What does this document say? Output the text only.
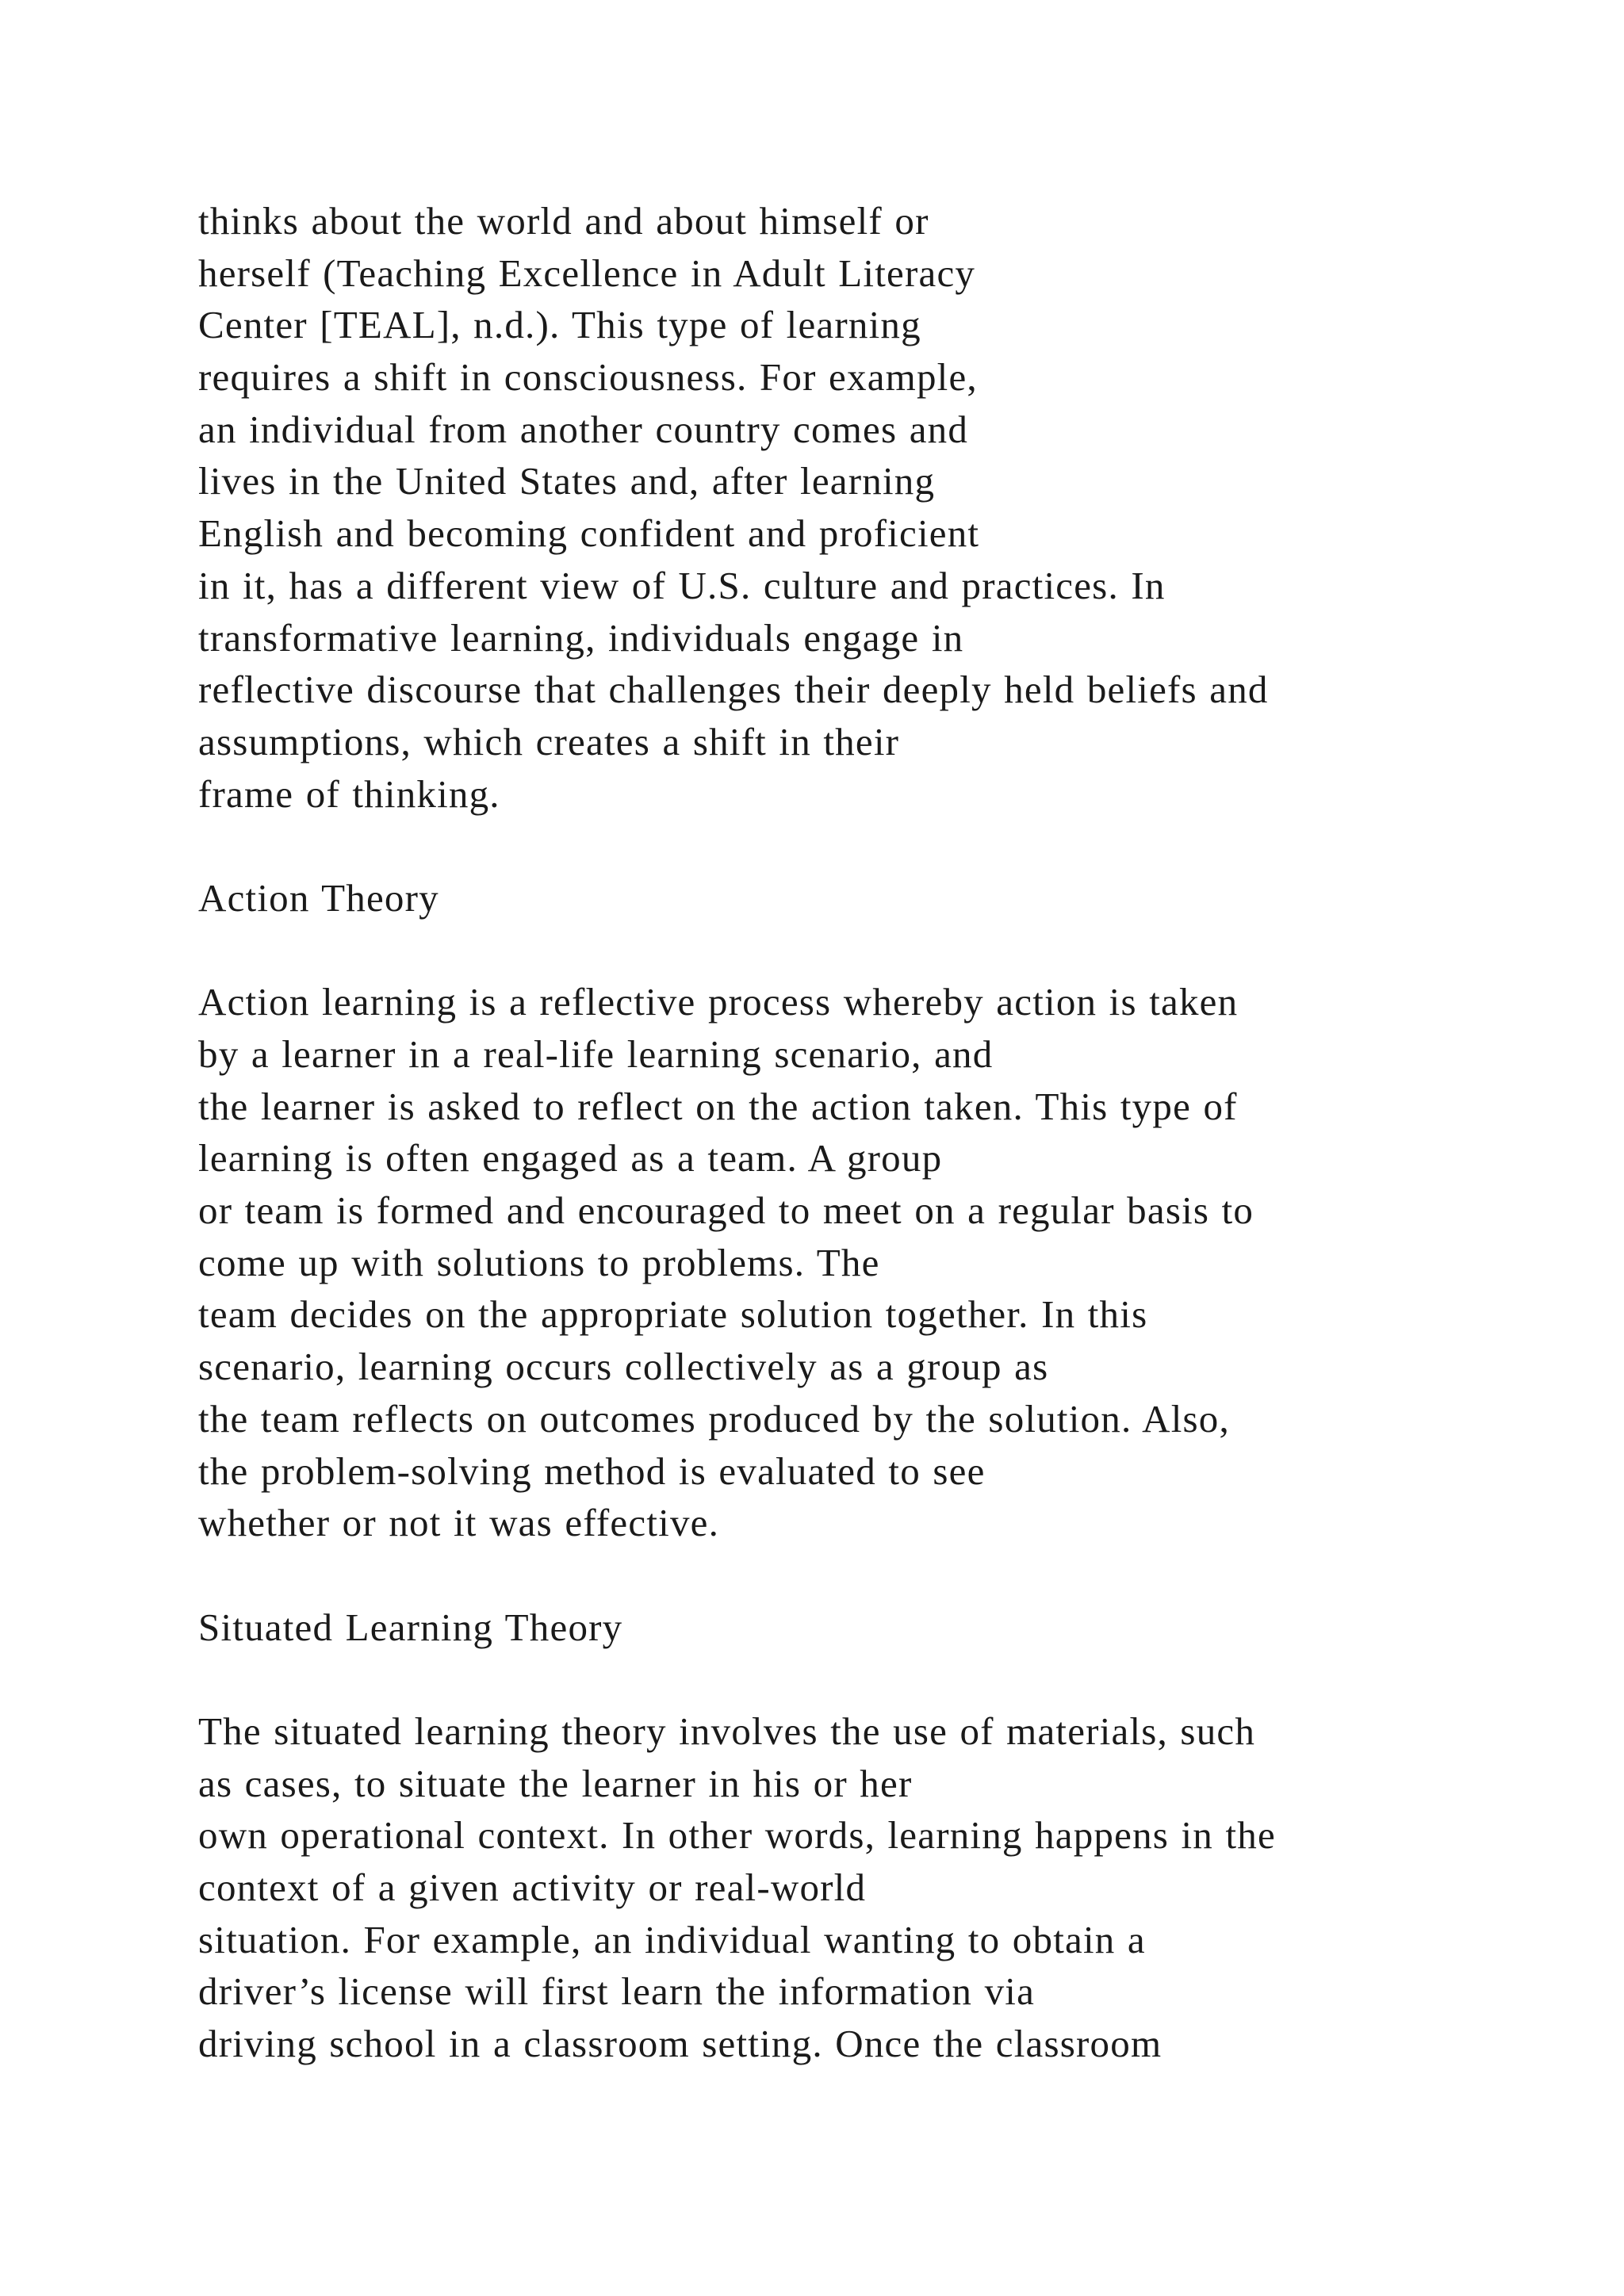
thinks about the world and about himself or
herself (Teaching Excellence in Adult Literacy
Center [TEAL], n.d.). This type of learning
requires a shift in consciousness. For example,
an individual from another country comes and
lives in the United States and, after learning
English and becoming confident and proficient
in it, has a different view of U.S. culture and practices. In
transformative learning, individuals engage in
reflective discourse that challenges their deeply held beliefs and
assumptions, which creates a shift in their
frame of thinking.
Action Theory
Action learning is a reflective process whereby action is taken
by a learner in a real-life learning scenario, and
the learner is asked to reflect on the action taken. This type of
learning is often engaged as a team. A group
or team is formed and encouraged to meet on a regular basis to
come up with solutions to problems. The
team decides on the appropriate solution together. In this
scenario, learning occurs collectively as a group as
the team reflects on outcomes produced by the solution. Also,
the problem-solving method is evaluated to see
whether or not it was effective.
Situated Learning Theory
The situated learning theory involves the use of materials, such
as cases, to situate the learner in his or her
own operational context. In other words, learning happens in the
context of a given activity or real-world
situation. For example, an individual wanting to obtain a
driver’s license will first learn the information via
driving school in a classroom setting. Once the classroom
